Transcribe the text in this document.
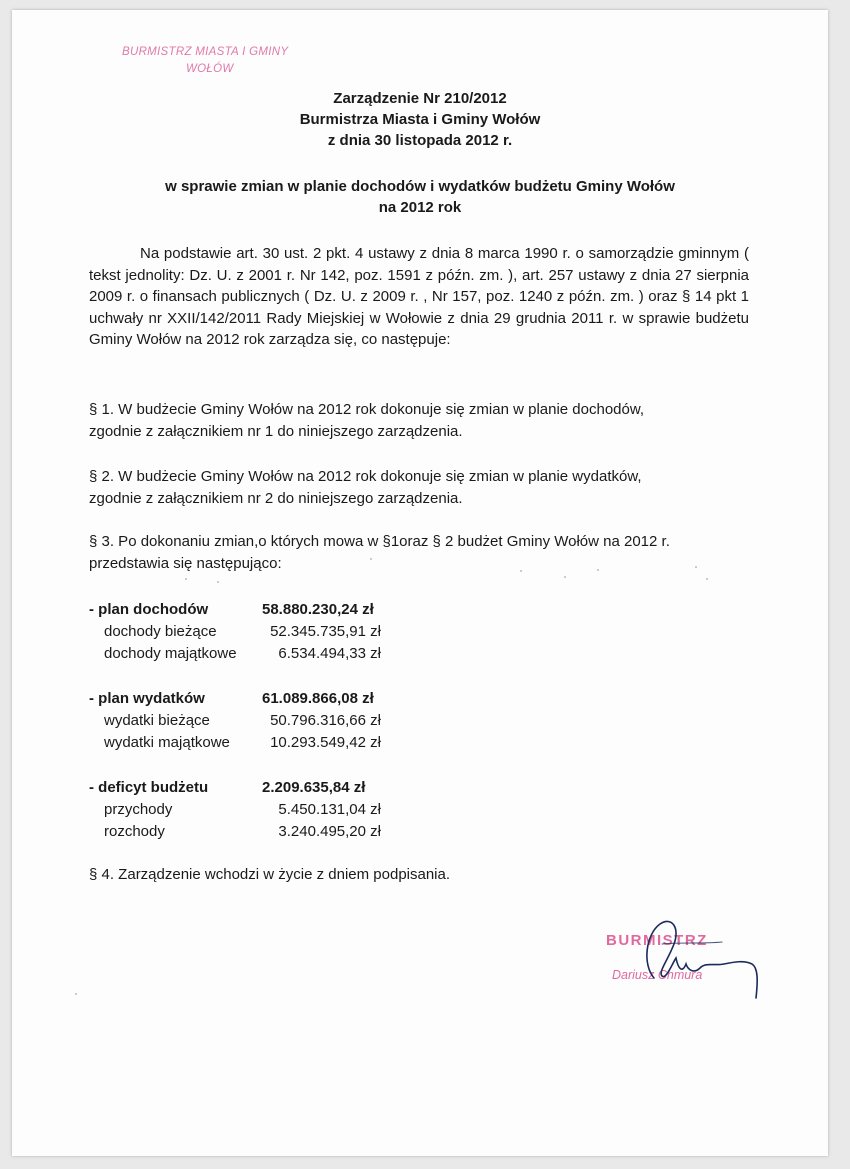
BURMISTRZ MIASTA I GMINY
WOŁÓW
Zarządzenie Nr 210/2012
Burmistrza Miasta i Gminy Wołów
z dnia 30 listopada 2012 r.
w sprawie zmian w planie dochodów i wydatków budżetu Gminy Wołów
na 2012 rok
Na podstawie art. 30 ust. 2 pkt. 4 ustawy z dnia 8 marca 1990 r. o samorządzie gminnym ( tekst jednolity: Dz. U. z 2001 r. Nr 142, poz. 1591 z późn. zm. ), art. 257 ustawy z dnia 27 sierpnia 2009 r. o finansach publicznych ( Dz. U. z 2009 r. , Nr 157, poz. 1240 z późn. zm. ) oraz § 14 pkt 1 uchwały nr XXII/142/2011 Rady Miejskiej w Wołowie z dnia 29 grudnia 2011 r. w sprawie budżetu Gminy Wołów na 2012 rok zarządza się, co następuje:
§ 1. W budżecie Gminy Wołów na 2012 rok dokonuje się zmian w planie dochodów,
zgodnie z załącznikiem nr 1 do niniejszego zarządzenia.
§ 2. W budżecie Gminy Wołów na 2012 rok dokonuje się zmian w planie wydatków,
zgodnie z załącznikiem nr 2 do niniejszego zarządzenia.
§ 3. Po dokonaniu zmian,o których mowa w §1oraz § 2 budżet Gminy Wołów na 2012 r.
przedstawia się następująco:
- plan dochodów	58.880.230,24 zł
dochody bieżące	52.345.735,91 zł
dochody majątkowe	6.534.494,33 zł
- plan wydatków	61.089.866,08 zł
wydatki bieżące	50.796.316,66 zł
wydatki majątkowe	10.293.549,42 zł
- deficyt budżetu	2.209.635,84 zł
przychody	5.450.131,04 zł
rozchody	3.240.495,20 zł
§ 4. Zarządzenie wchodzi w życie z dniem podpisania.
BURMISTRZ
Dariusz Chmura
